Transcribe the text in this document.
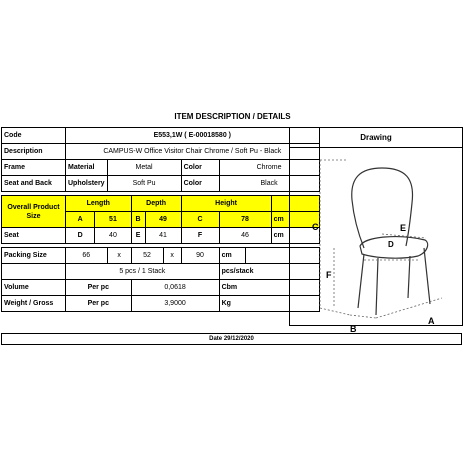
ITEM DESCRIPTION / DETAILS
Code	E553,1W ( E-00018580 )									
Description	CAMPUS-W Office Visitor Chair Chrome / Soft Pu - Black									
Frame	Material		Metal				Color	Chrome		
Seat and Back	Upholstery		Soft Pu				Color	Black		

Overall Product Size	Length			Depth			Height			
	A	51		B	49		C	78		cm
Seat	D	40		E	41		F	46		cm

Packing Size	66		x	52		x	90	cm		
	5 pcs / 1 Stack							pcs/stack		
Volume	Per pc			0,0618				Cbm		
Weight / Gross	Per pc			3,9000				Kg		
Drawing
C
F
E
D
B
A
Date 29/12/2020
